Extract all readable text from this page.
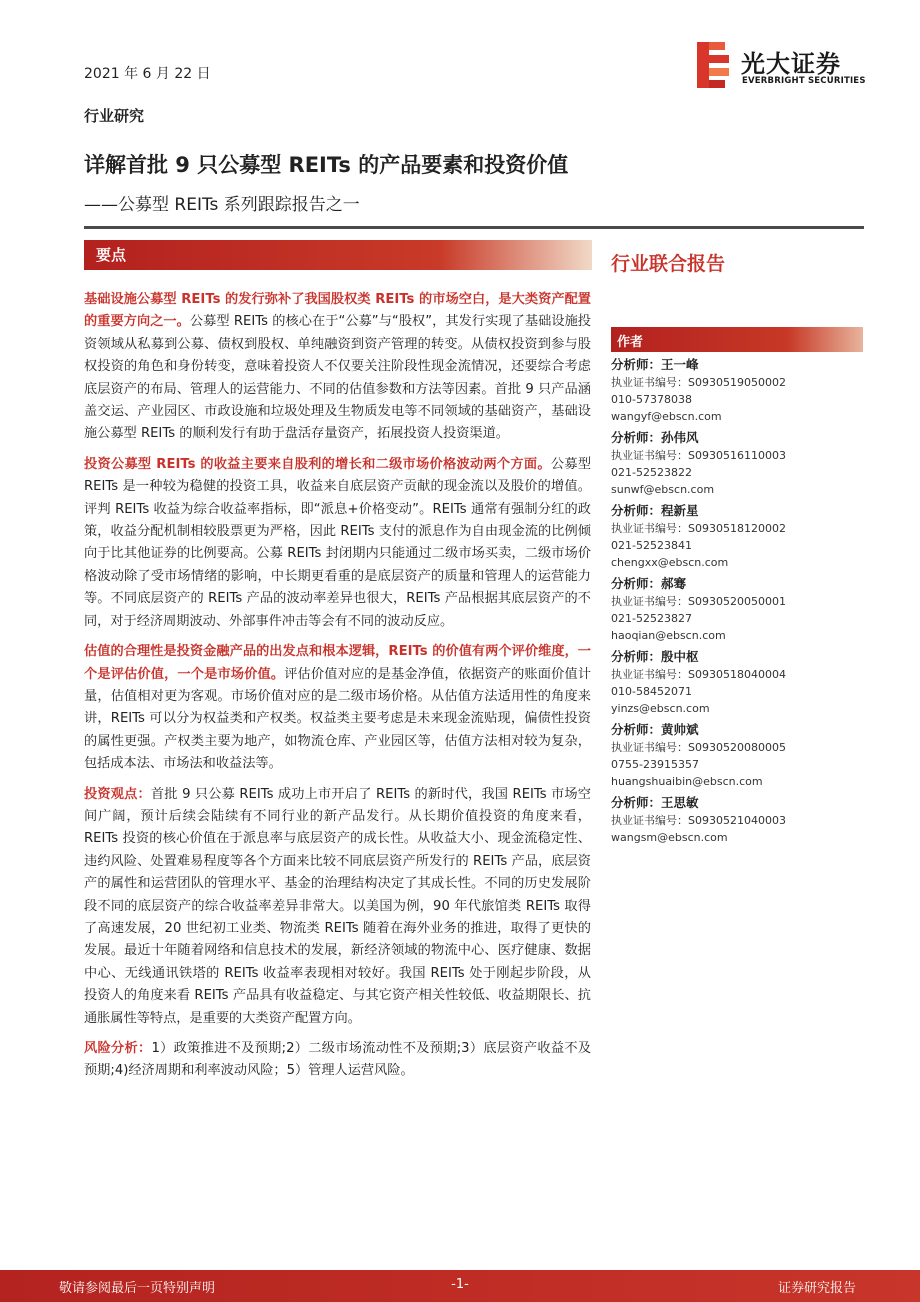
2021 年 6 月 22 日	光大证券
EVERBRIGHT SECURITIES
行业研究
详解首批 9 只公募型 REITs 的产品要素和投资价值
——公募型 REITs 系列跟踪报告之一
要点	行业联合报告

基础设施公募型 REITs 的发行弥补了我国股权类 REITs 的市场空白，是大类资产配置的重要方向之一。公募型 REITs 的核心在于“公募”与“股权”，其发行实现了基础设施投资领域从私募到公募、债权到股权、单纯融资到资产管理的转变。从债权投资到参与股权投资的角色和身份转变，意味着投资人不仅要关注阶段性现金流情况，还要综合考虑底层资产的布局、管理人的运营能力、不同的估值参数和方法等因素。首批 9 只产品涵盖交运、产业园区、市政设施和垃圾处理及生物质发电等不同领域的基础资产，基础设施公募型 REITs 的顺利发行有助于盘活存量资产，拓展投资人投资渠道。

投资公募型 REITs 的收益主要来自股利的增长和二级市场价格波动两个方面。公募型 REITs 是一种较为稳健的投资工具，收益来自底层资产贡献的现金流以及股价的增值。评判 REITs 收益为综合收益率指标，即“派息+价格变动”。REITs 通常有强制分红的政策，收益分配机制相较股票更为严格，因此 REITs 支付的派息作为自由现金流的比例倾向于比其他证券的比例要高。公募 REITs 封闭期内只能通过二级市场买卖，二级市场价格波动除了受市场情绪的影响，中长期更看重的是底层资产的质量和管理人的运营能力等。不同底层资产的 REITs 产品的波动率差异也很大，REITs 产品根据其底层资产的不同，对于经济周期波动、外部事件冲击等会有不同的波动反应。

估值的合理性是投资金融产品的出发点和根本逻辑，REITs 的价值有两个评价维度，一个是评估价值，一个是市场价值。评估价值对应的是基金净值，依据资产的账面价值计量，估值相对更为客观。市场价值对应的是二级市场价格。从估值方法适用性的角度来讲，REITs 可以分为权益类和产权类。权益类主要考虑是未来现金流贴现，偏债性投资的属性更强。产权类主要为地产，如物流仓库、产业园区等，估值方法相对较为复杂，包括成本法、市场法和收益法等。

投资观点：首批 9 只公募 REITs 成功上市开启了 REITs 的新时代，我国 REITs 市场空间广阔，预计后续会陆续有不同行业的新产品发行。从长期价值投资的角度来看，REITs 投资的核心价值在于派息率与底层资产的成长性。从收益大小、现金流稳定性、违约风险、处置难易程度等各个方面来比较不同底层资产所发行的 REITs 产品，底层资产的属性和运营团队的管理水平、基金的治理结构决定了其成长性。不同的历史发展阶段不同的底层资产的综合收益率差异非常大。以美国为例，90 年代旅馆类 REITs 取得了高速发展，20 世纪初工业类、物流类 REITs 随着在海外业务的推进，取得了更快的发展。最近十年随着网络和信息技术的发展，新经济领域的物流中心、医疗健康、数据中心、无线通讯铁塔的 REITs 收益率表现相对较好。我国 REITs 处于刚起步阶段，从投资人的角度来看 REITs 产品具有收益稳定、与其它资产相关性较低、收益期限长、抗通胀属性等特点，是重要的大类资产配置方向。

风险分析：1）政策推进不及预期;2）二级市场流动性不及预期;3）底层资产收益不及预期;4)经济周期和利率波动风险；5）管理人运营风险。

作者
分析师：王一峰
执业证书编号：S0930519050002
010-57378038
wangyf@ebscn.com
分析师：孙伟风
执业证书编号：S0930516110003
021-52523822
sunwf@ebscn.com
分析师：程新星
执业证书编号：S0930518120002
021-52523841
chengxx@ebscn.com
分析师：郝骞
执业证书编号：S0930520050001
021-52523827
haoqian@ebscn.com
分析师：殷中枢
执业证书编号：S0930518040004
010-58452071
yinzs@ebscn.com
分析师：黄帅斌
执业证书编号：S0930520080005
0755-23915357
huangshuaibin@ebscn.com
分析师：王思敏
执业证书编号：S0930521040003
wangsm@ebscn.com
敬请参阅最后一页特别声明	-1-	证券研究报告
